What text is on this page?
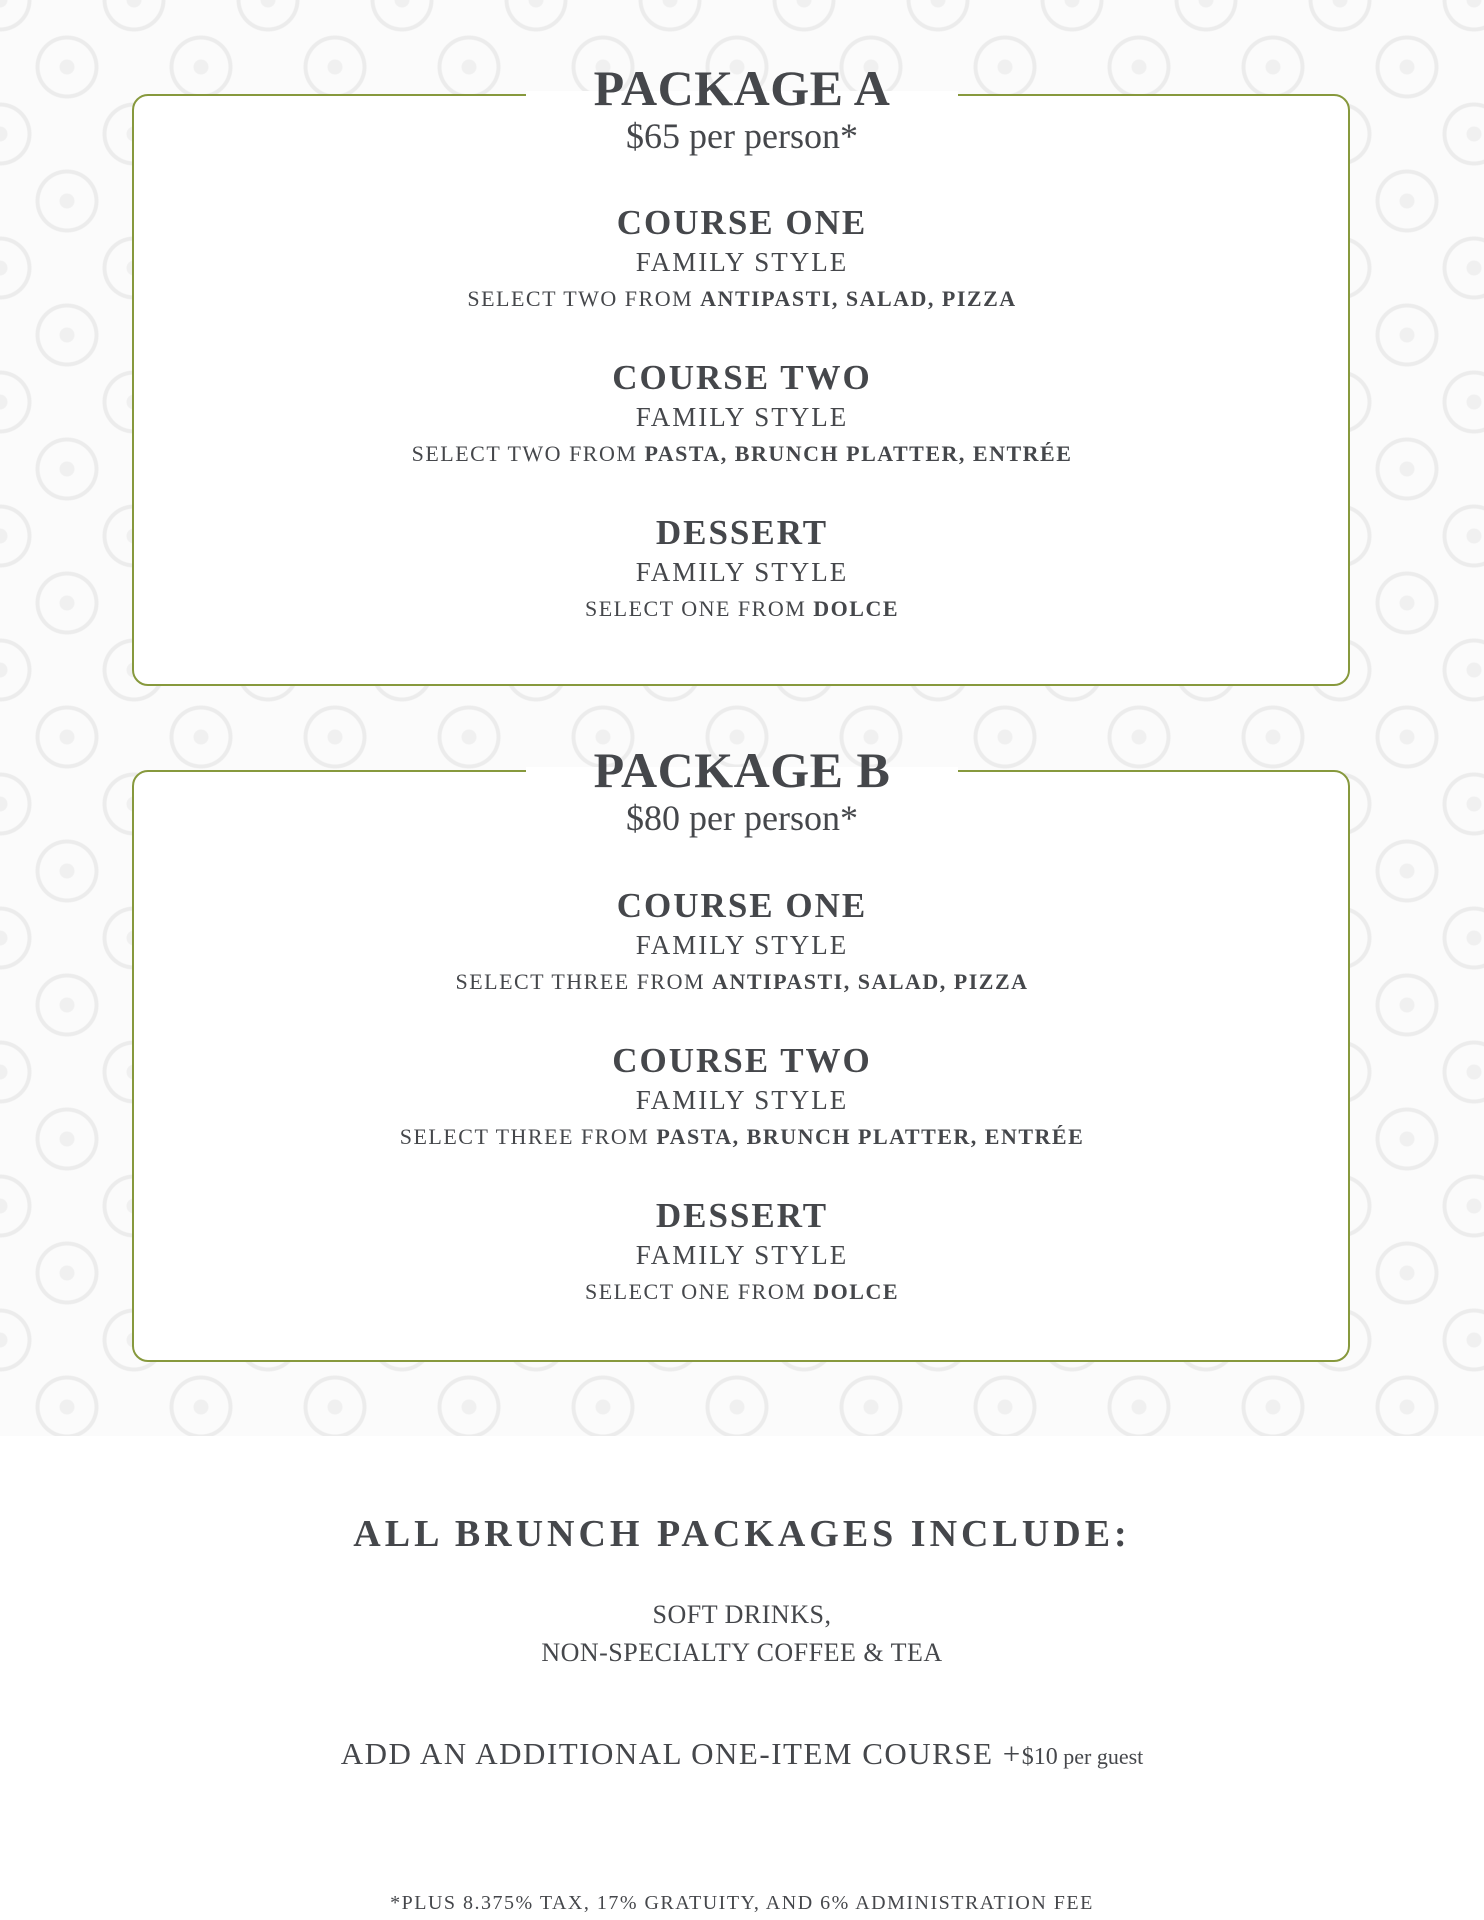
PACKAGE A
$65 per person*
COURSE ONE
FAMILY STYLE
SELECT TWO FROM ANTIPASTI, SALAD, PIZZA
COURSE TWO
FAMILY STYLE
SELECT TWO FROM PASTA, BRUNCH PLATTER, ENTRÉE
DESSERT
FAMILY STYLE
SELECT ONE FROM DOLCE
PACKAGE B
$80 per person*
COURSE ONE
FAMILY STYLE
SELECT THREE FROM ANTIPASTI, SALAD, PIZZA
COURSE TWO
FAMILY STYLE
SELECT THREE FROM PASTA, BRUNCH PLATTER, ENTRÉE
DESSERT
FAMILY STYLE
SELECT ONE FROM DOLCE
ALL BRUNCH PACKAGES INCLUDE:
SOFT DRINKS,
NON-SPECIALTY COFFEE & TEA
ADD AN ADDITIONAL ONE-ITEM COURSE +$10 per guest
*PLUS 8.375% TAX, 17% GRATUITY, AND 6% ADMINISTRATION FEE
